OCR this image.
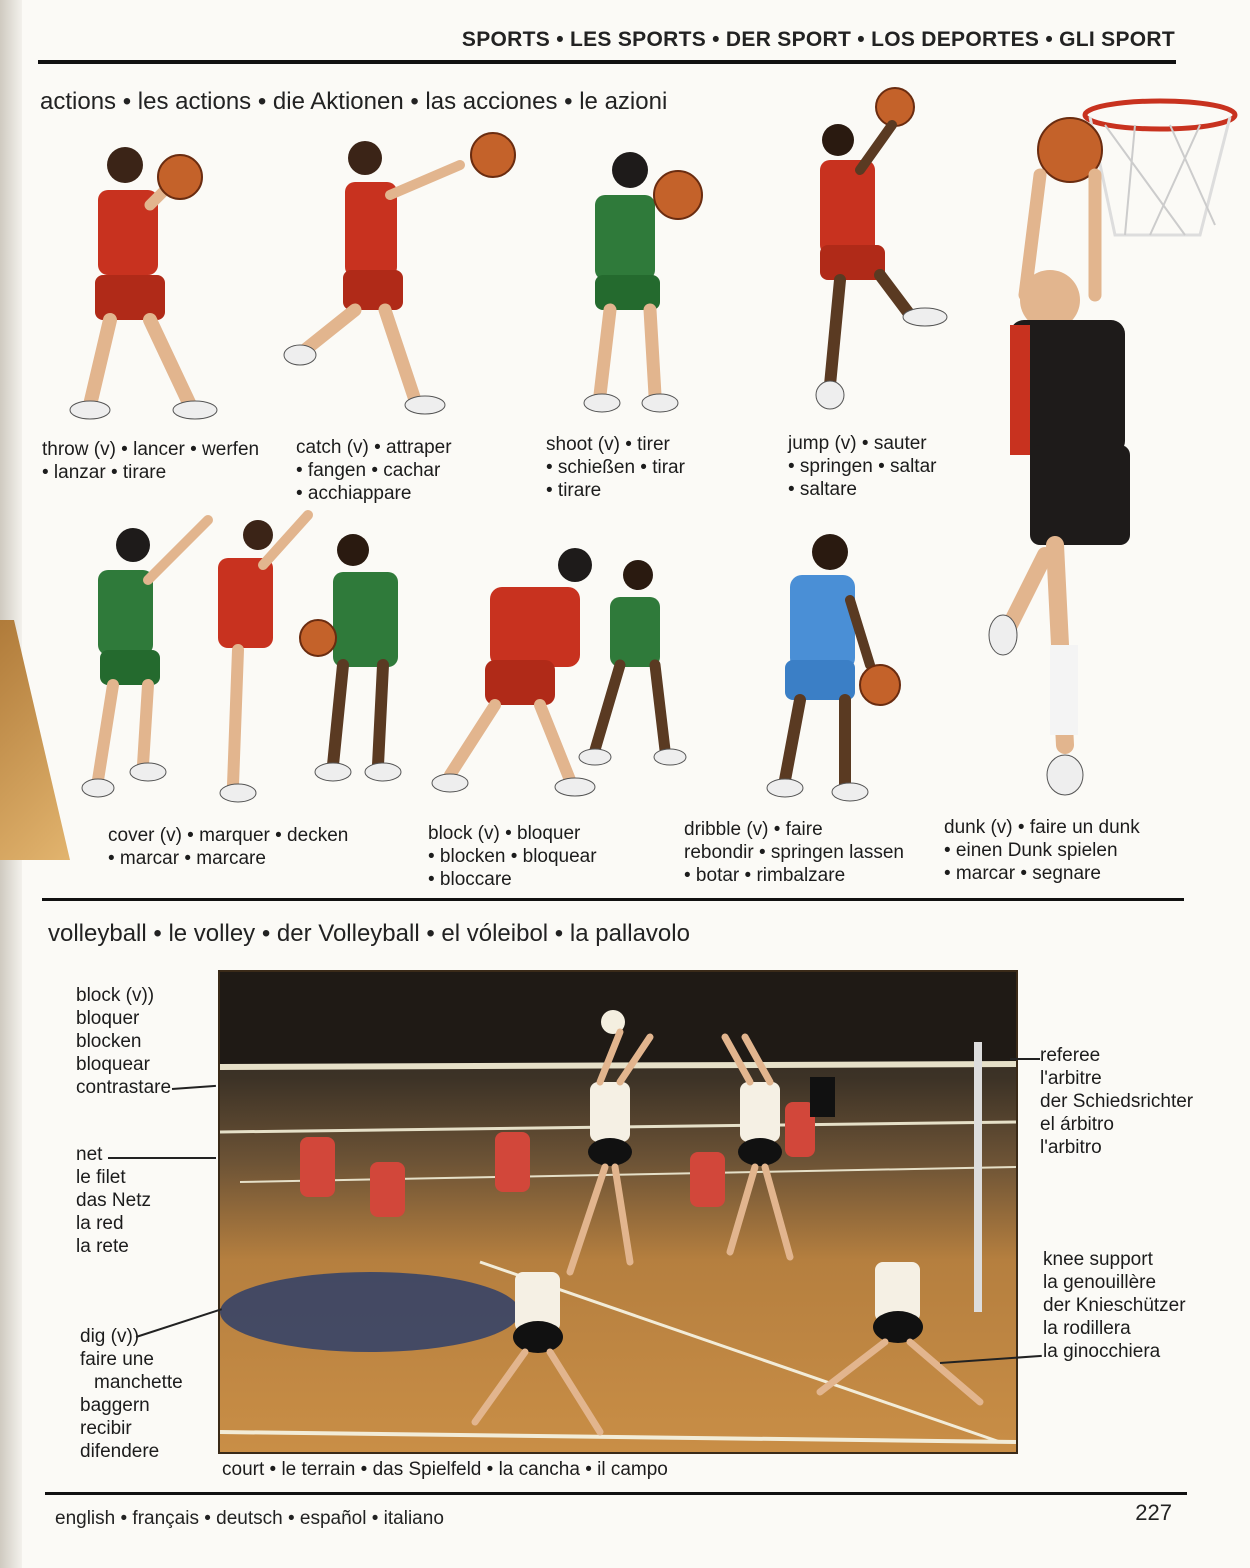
SPORTS • LES SPORTS • DER SPORT • LOS DEPORTES • GLI SPORT
actions • les actions • die Aktionen • las acciones • le azioni
throw (v) • lancer • werfen
• lanzar • tirare
catch (v) • attraper
• fangen • cachar
• acchiappare
shoot (v) • tirer
• schießen • tirar
• tirare
jump (v) • sauter
• springen • saltar
• saltare
cover (v) • marquer • decken
• marcar • marcare
block (v) • bloquer
• blocken • bloquear
• bloccare
dribble (v) • faire
rebondir • springen lassen
• botar • rimbalzare
dunk (v) • faire un dunk
• einen Dunk spielen
• marcar • segnare
volleyball • le volley • der Volleyball • el vóleibol • la pallavolo
block (v))
bloquer
blocken
bloquear
contrastare
net
le filet
das Netz
la red
la rete
dig (v))
faire une
manchette
baggern
recibir
difendere
referee
l'arbitre
der Schiedsrichter
el árbitro
l'arbitro
knee support
la genouillère
der Knieschützer
la rodillera
la ginocchiera
court • le terrain • das Spielfeld • la cancha • il campo
english • français • deutsch • español • italiano	227
